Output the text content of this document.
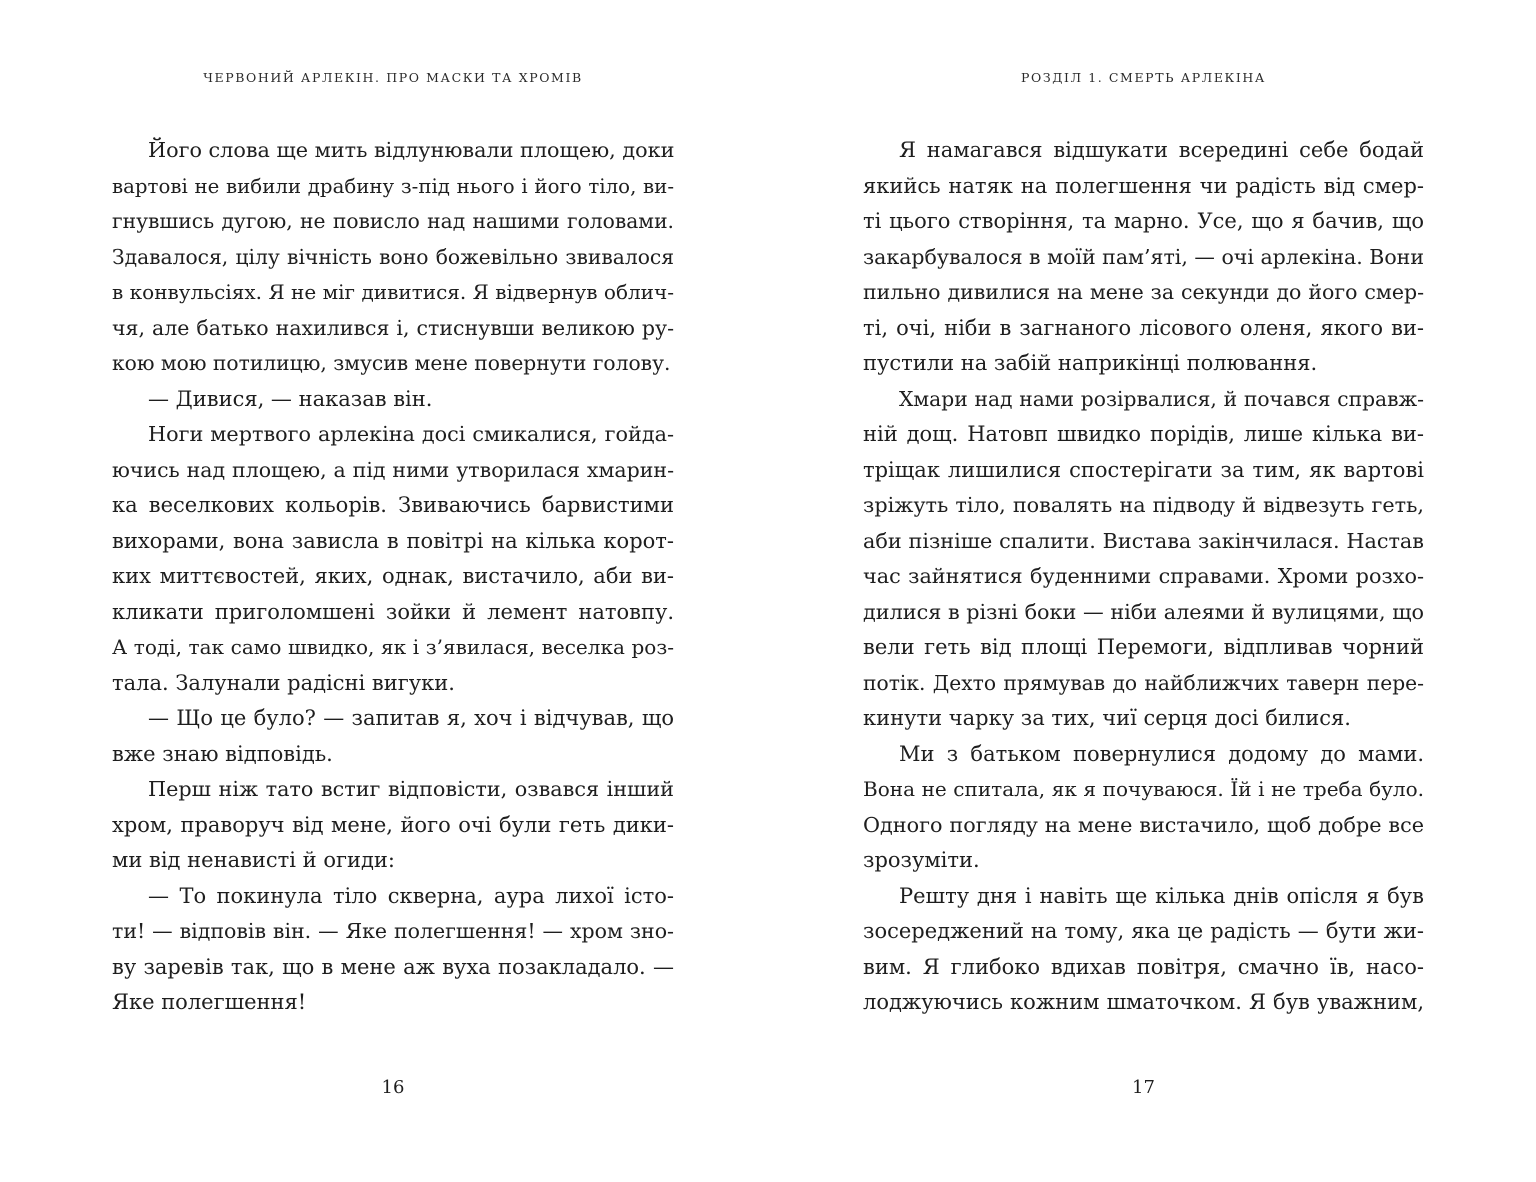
ЧЕРВОНИЙ АРЛЕКІН. ПРО МАСКИ ТА ХРОМІВ
Його слова ще мить відлунювали площею, доки
вартові не вибили драбину з-під нього і його тіло, ви-
гнувшись дугою, не повисло над нашими головами.
Здавалося, цілу вічність воно божевільно звивалося
в конвульсіях. Я не міг дивитися. Я відвернув облич-
чя, але батько нахилився і, стиснувши великою ру-
кою мою потилицю, змусив мене повернути голову.
— Дивися, — наказав він.
Ноги мертвого арлекіна досі смикалися, гойда-
ючись над площею, а під ними утворилася хмарин-
ка веселкових кольорів. Звиваючись барвистими
вихорами, вона зависла в повітрі на кілька корот-
ких миттєвостей, яких, однак, вистачило, аби ви-
кликати приголомшені зойки й лемент натовпу.
А тоді, так само швидко, як і з’явилася, веселка роз-
тала. Залунали радісні вигуки.
— Що це було? — запитав я, хоч і відчував, що
вже знаю відповідь.
Перш ніж тато встиг відповісти, озвався інший
хром, праворуч від мене, його очі були геть дики-
ми від ненависті й огиди:
— То покинула тіло скверна, аура лихої істо-
ти! — відповів він. — Яке полегшення! — хром зно-
ву заревів так, що в мене аж вуха позакладало. —
Яке полегшення!
16
РОЗДІЛ 1. СМЕРТЬ АРЛЕКІНА
Я намагався відшукати всередині себе бодай
якийсь натяк на полегшення чи радість від смер-
ті цього створіння, та марно. Усе, що я бачив, що
закарбувалося в моїй пам’яті, — очі арлекіна. Вони
пильно дивилися на мене за секунди до його смер-
ті, очі, ніби в загнаного лісового оленя, якого ви-
пустили на забій наприкінці полювання.
Хмари над нами розірвалися, й почався справж-
ній дощ. Натовп швидко порідів, лише кілька ви-
тріщак лишилися спостерігати за тим, як вартові
зріжуть тіло, повалять на підводу й відвезуть геть,
аби пізніше спалити. Вистава закінчилася. Настав
час зайнятися буденними справами. Хроми розхо-
дилися в різні боки — ніби алеями й вулицями, що
вели геть від площі Перемоги, відпливав чорний
потік. Дехто прямував до найближчих таверн пере-
кинути чарку за тих, чиї серця досі билися.
Ми з батьком повернулися додому до мами.
Вона не спитала, як я почуваюся. Їй і не треба було.
Одного погляду на мене вистачило, щоб добре все
зрозуміти.
Решту дня і навіть ще кілька днів опісля я був
зосереджений на тому, яка це радість — бути жи-
вим. Я глибоко вдихав повітря, смачно їв, насо-
лоджуючись кожним шматочком. Я був уважним,
17
